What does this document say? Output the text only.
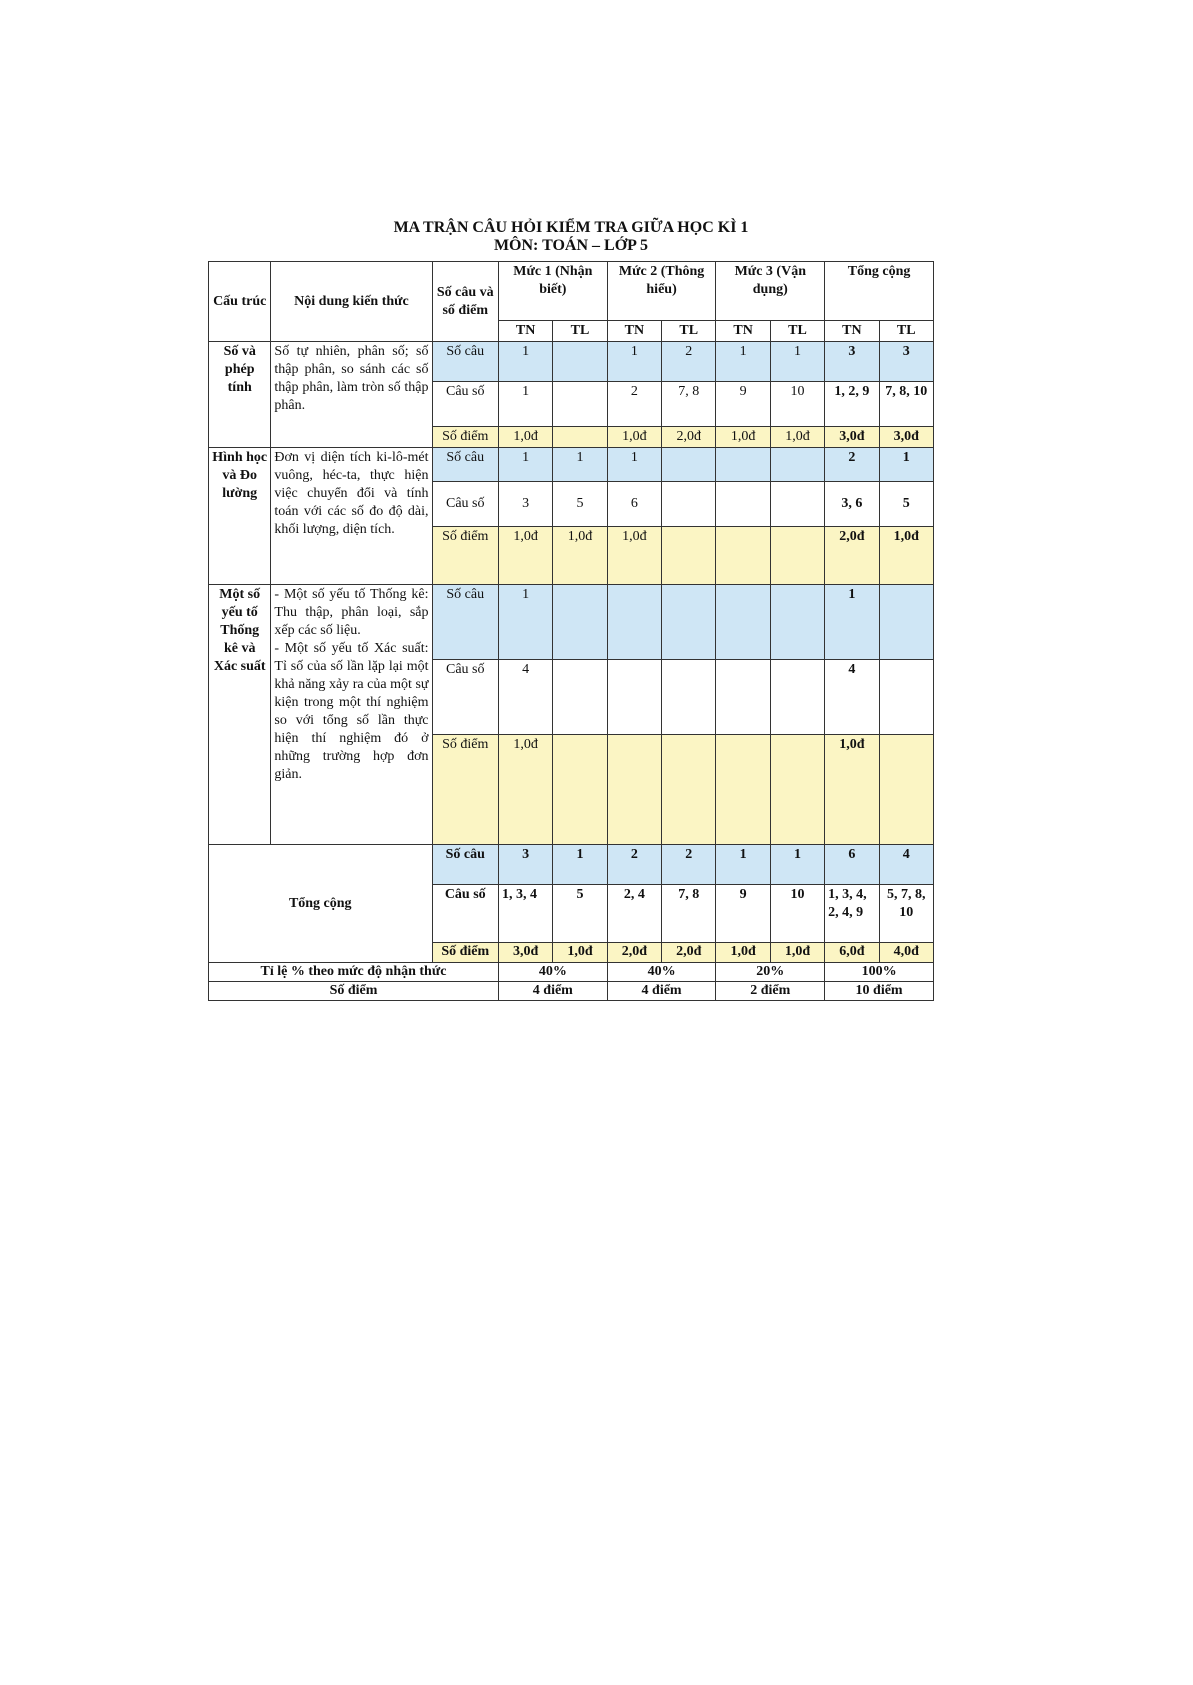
MA TRẬN CÂU HỎI KIỂM TRA GIỮA HỌC KÌ 1
MÔN: TOÁN – LỚP 5
Cấu trúc	Nội dung kiến thức	Số câu và số điểm	Mức 1 (Nhận biết)		Mức 2 (Thông hiểu)		Mức 3 (Vận dụng)		Tổng cộng	
			TN	TL	TN	TL	TN	TL	TN	TL
Số và phép tính	Số tự nhiên, phân số; số thập phân, so sánh các số thập phân, làm tròn số thập phân.	Số câu	1		1	2	1	1	3	3
		Câu số	1		2	7, 8	9	10	1, 2, 9	7, 8, 10
		Số điểm	1,0đ		1,0đ	2,0đ	1,0đ	1,0đ	3,0đ	3,0đ
Hình học và Đo lường	Đơn vị diện tích ki-lô-mét vuông, héc-ta, thực hiện việc chuyển đổi và tính toán với các số đo độ dài, khối lượng, diện tích.	Số câu	1	1	1				2	1
		Câu số	3	5	6				3, 6	5
		Số điểm	1,0đ	1,0đ	1,0đ				2,0đ	1,0đ
Một số yếu tố Thống kê và Xác suất	- Một số yếu tố Thống kê: Thu thập, phân loại, sắp xếp các số liệu.
- Một số yếu tố Xác suất: Tỉ số của số lần lặp lại một khả năng xảy ra của một sự kiện trong một thí nghiệm so với tổng số lần thực hiện thí nghiệm đó ở những trường hợp đơn giản.	Số câu	1						1	
		Câu số	4						4	
		Số điểm	1,0đ						1,0đ	
Tổng cộng		Số câu	3	1	2	2	1	1	6	4
		Câu số	1, 3, 4	5	2, 4	7, 8	9	10	1, 3, 4, 2, 4, 9	5, 7, 8, 10
		Số điểm	3,0đ	1,0đ	2,0đ	2,0đ	1,0đ	1,0đ	6,0đ	4,0đ
Tỉ lệ % theo mức độ nhận thức			40%		40%		20%		100%	
Số điểm			4 điểm		4 điểm		2 điểm		10 điểm	
